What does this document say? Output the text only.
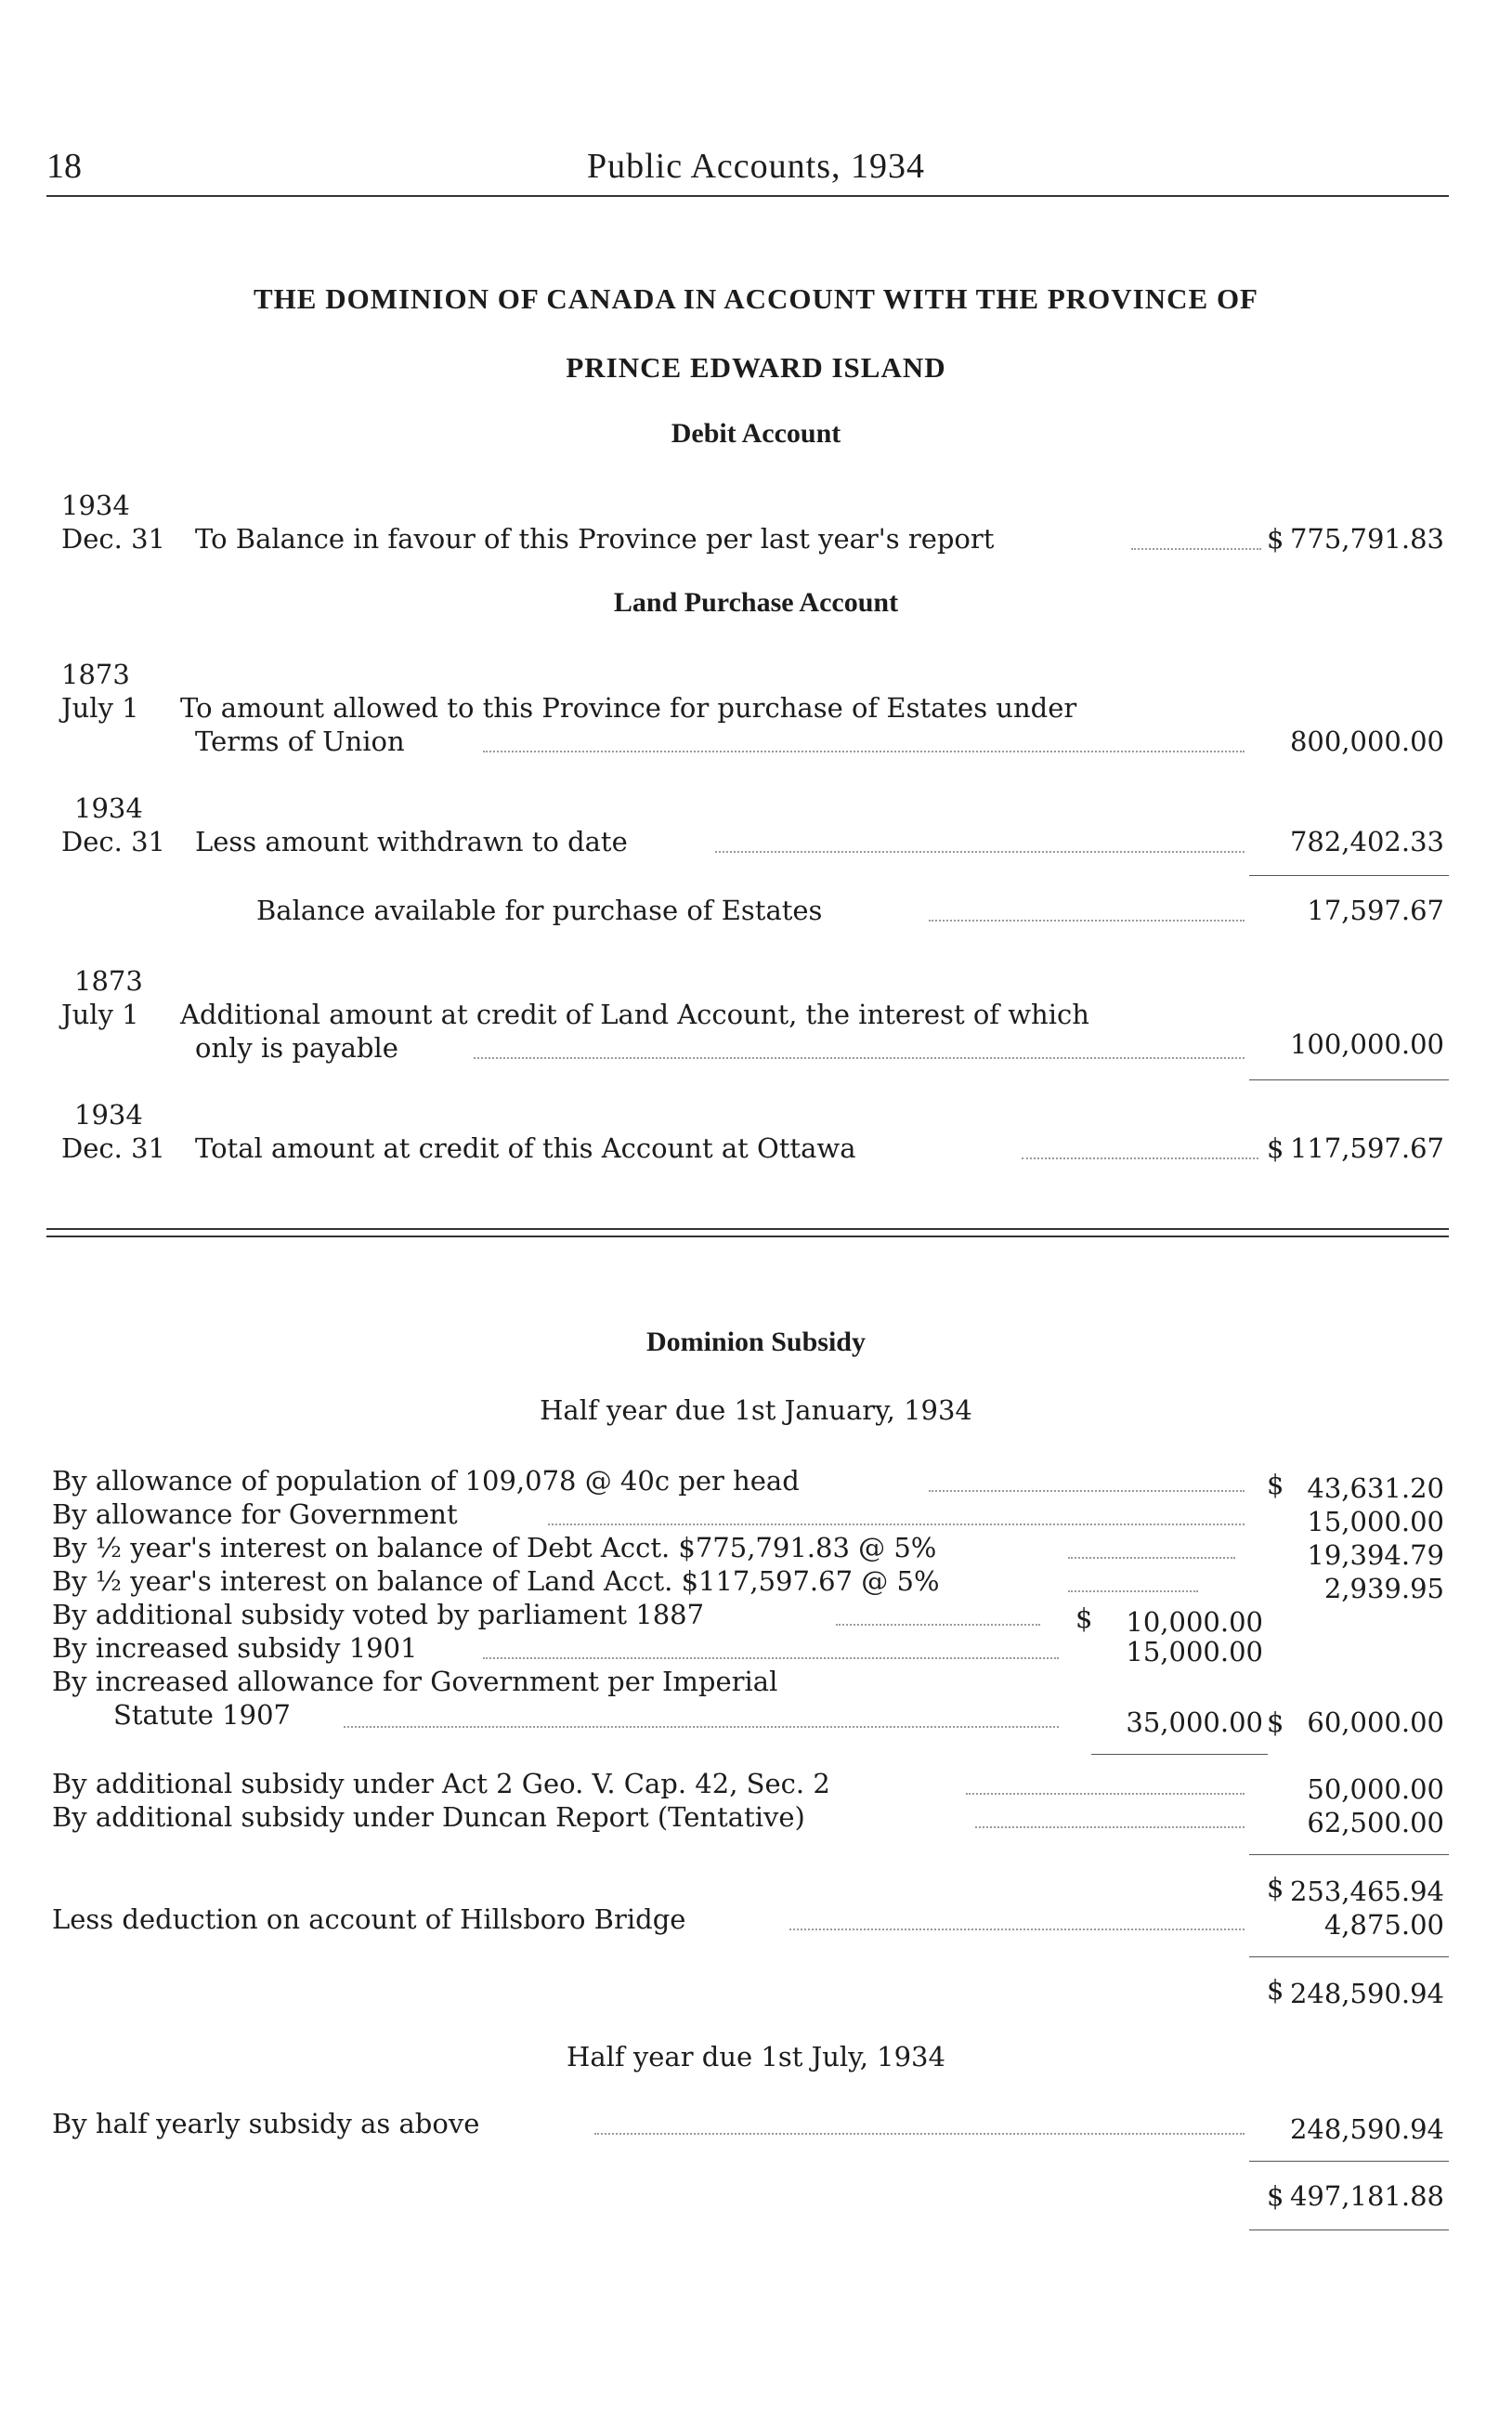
18	Public Accounts, 1934
THE DOMINION OF CANADA IN ACCOUNT WITH THE PROVINCE OF
PRINCE EDWARD ISLAND
Debit Account
1934
Dec. 31 To Balance in favour of this Province per last year's report	$ 775,791.83
Land Purchase Account
1873
July 1 To amount allowed to this Province for purchase of Estates under
Terms of Union	800,000.00
1934
Dec. 31 Less amount withdrawn to date	782,402.33
Balance available for purchase of Estates	17,597.67
1873
July 1 Additional amount at credit of Land Account, the interest of which
only is payable	100,000.00
1934
Dec. 31 Total amount at credit of this Account at Ottawa	$ 117,597.67
Dominion Subsidy
Half year due 1st January, 1934
By allowance of population of 109,078 @ 40c per head	$ 43,631.20
By allowance for Government	15,000.00
By ½ year's interest on balance of Debt Acct. $775,791.83 @ 5%	19,394.79
By ½ year's interest on balance of Land Acct. $117,597.67 @ 5%	2,939.95
By additional subsidy voted by parliament 1887	$	10,000.00
By increased subsidy 1901	15,000.00
By increased allowance for Government per Imperial
Statute 1907	35,000.00 $ 60,000.00
By additional subsidy under Act 2 Geo. V. Cap. 42, Sec. 2	50,000.00
By additional subsidy under Duncan Report (Tentative)	62,500.00
$ 253,465.94
Less deduction on account of Hillsboro Bridge	4,875.00
$ 248,590.94
Half year due 1st July, 1934
By half yearly subsidy as above	248,590.94
$ 497,181.88
